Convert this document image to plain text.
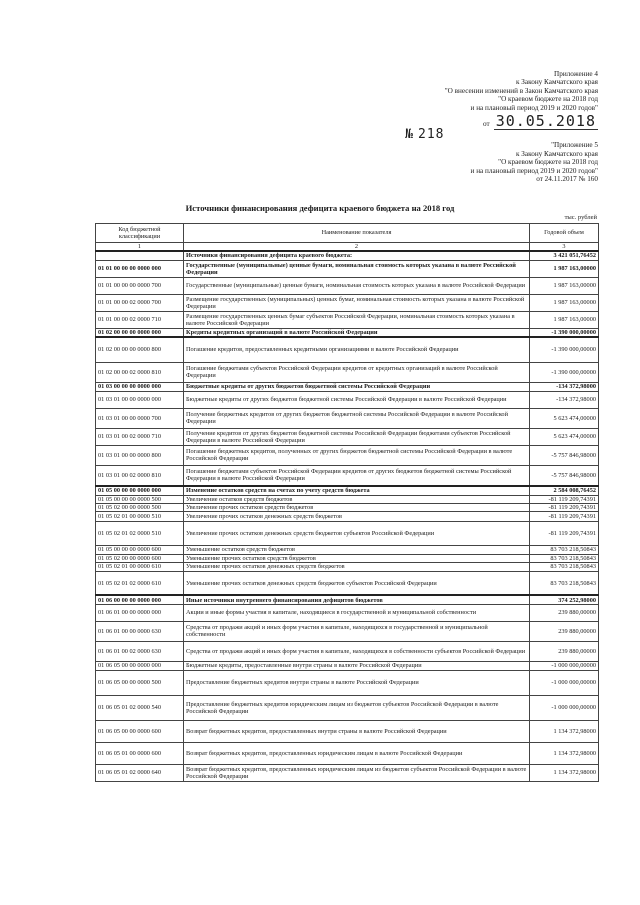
Приложение 4
к Закону Камчатского края
"О внесении изменений в Закон Камчатского края
"О краевом бюджете на 2018 год
и на плановый период 2019 и 2020 годов"
от 30.05.2018
№ 218
"Приложение 5
к Закону Камчатского края
"О краевом бюджете на 2018 год
и на плановый период 2019 и 2020 годов"
от 24.11.2017 № 160
Источники финансирования дефицита краевого бюджета на 2018 год
тыс. рублей
Код бюджетной классификации	Наименование показателя	Годовой объем
1	2	3
	Источники финансирования дефицита краевого бюджета:	3 421 051,76452
01 01 00 00 00 0000 000	Государственные (муниципальные) ценные бумаги, номинальная стоимость которых указана в валюте Российской Федерации	1 987 163,00000
01 01 00 00 00 0000 700	Государственные (муниципальные) ценные бумаги, номинальная стоимость которых указана в валюте Российской Федерации	1 987 163,00000
01 01 00 00 02 0000 700	Размещение государственных (муниципальных) ценных бумаг, номинальная стоимость которых указана в валюте Российской Федерации	1 987 163,00000
01 01 00 00 02 0000 710	Размещение государственных ценных бумаг субъектов Российской Федерации, номинальная стоимость которых указана в валюте Российской Федерации	1 987 163,00000
01 02 00 00 00 0000 000	Кредиты кредитных организаций в валюте Российской Федерации	-1 390 000,00000
01 02 00 00 00 0000 800	Погашение кредитов, предоставленных кредитными организациями в валюте Российской Федерации	-1 390 000,00000
01 02 00 00 02 0000 810	Погашение бюджетами субъектов Российской Федерации кредитов от кредитных организаций в валюте Российской Федерации	-1 390 000,00000
01 03 00 00 00 0000 000	Бюджетные кредиты от других бюджетов бюджетной системы Российской Федерации	-134 372,98000
01 03 01 00 00 0000 000	Бюджетные кредиты от других бюджетов бюджетной системы Российской Федерации в валюте Российской Федерации	-134 372,98000
01 03 01 00 00 0000 700	Получение бюджетных кредитов от других бюджетов бюджетной системы Российской Федерации в валюте Российской Федерации	5 623 474,00000
01 03 01 00 02 0000 710	Получение кредитов от других бюджетов бюджетной системы Российской Федерации бюджетами субъектов Российской Федерации в валюте Российской Федерации	5 623 474,00000
01 03 01 00 00 0000 800	Погашение бюджетных кредитов, полученных от других бюджетов бюджетной системы Российской Федерации в валюте Российской Федерации	-5 757 846,98000
01 03 01 00 02 0000 810	Погашение бюджетами субъектов Российской Федерации кредитов от других бюджетов бюджетной системы Российской Федерации в валюте Российской Федерации	-5 757 846,98000
01 05 00 00 00 0000 000	Изменение остатков средств на счетах по учету средств бюджета	2 584 008,76452
01 05 00 00 00 0000 500	Увеличение остатков средств бюджетов	-81 119 209,74391
01 05 02 00 00 0000 500	Увеличение прочих остатков средств бюджетов	-81 119 209,74391
01 05 02 01 00 0000 510	Увеличение прочих остатков денежных средств бюджетов	-81 119 209,74391
01 05 02 01 02 0000 510	Увеличение прочих остатков денежных средств бюджетов субъектов Российской Федерации	-81 119 209,74391
01 05 00 00 00 0000 600	Уменьшение остатков средств бюджетов	83 703 218,50843
01 05 02 00 00 0000 600	Уменьшение прочих остатков средств бюджетов	83 703 218,50843
01 05 02 01 00 0000 610	Уменьшение прочих остатков денежных средств бюджетов	83 703 218,50843
01 05 02 01 02 0000 610	Уменьшение прочих остатков денежных средств бюджетов субъектов Российской Федерации	83 703 218,50843
01 06 00 00 00 0000 000	Иные источники внутреннего финансирования дефицитов бюджетов	374 252,98000
01 06 01 00 00 0000 000	Акции и иные формы участия в капитале, находящиеся в государственной и муниципальной собственности	239 880,00000
01 06 01 00 00 0000 630	Средства от продажи акций и иных форм участия в капитале, находящихся в государственной и муниципальной собственности	239 880,00000
01 06 01 00 02 0000 630	Средства от продажи акций и иных форм участия в капитале, находящихся в собственности субъектов Российской Федерации	239 880,00000
01 06 05 00 00 0000 000	Бюджетные кредиты, предоставленные внутри страны в валюте Российской Федерации	-1 000 000,00000
01 06 05 00 00 0000 500	Предоставление бюджетных кредитов внутри страны в валюте Российской Федерации	-1 000 000,00000
01 06 05 01 02 0000 540	Предоставление бюджетных кредитов юридическим лицам из бюджетов субъектов Российской Федерации в валюте Российской Федерации	-1 000 000,00000
01 06 05 00 00 0000 600	Возврат бюджетных кредитов, предоставленных внутри страны в валюте Российской Федерации	1 134 372,98000
01 06 05 01 00 0000 600	Возврат бюджетных кредитов, предоставленных юридическим лицам в валюте Российской Федерации	1 134 372,98000
01 06 05 01 02 0000 640	Возврат бюджетных кредитов, предоставленных юридическим лицам из бюджетов субъектов Российской Федерации в валюте Российской Федерации	1 134 372,98000
